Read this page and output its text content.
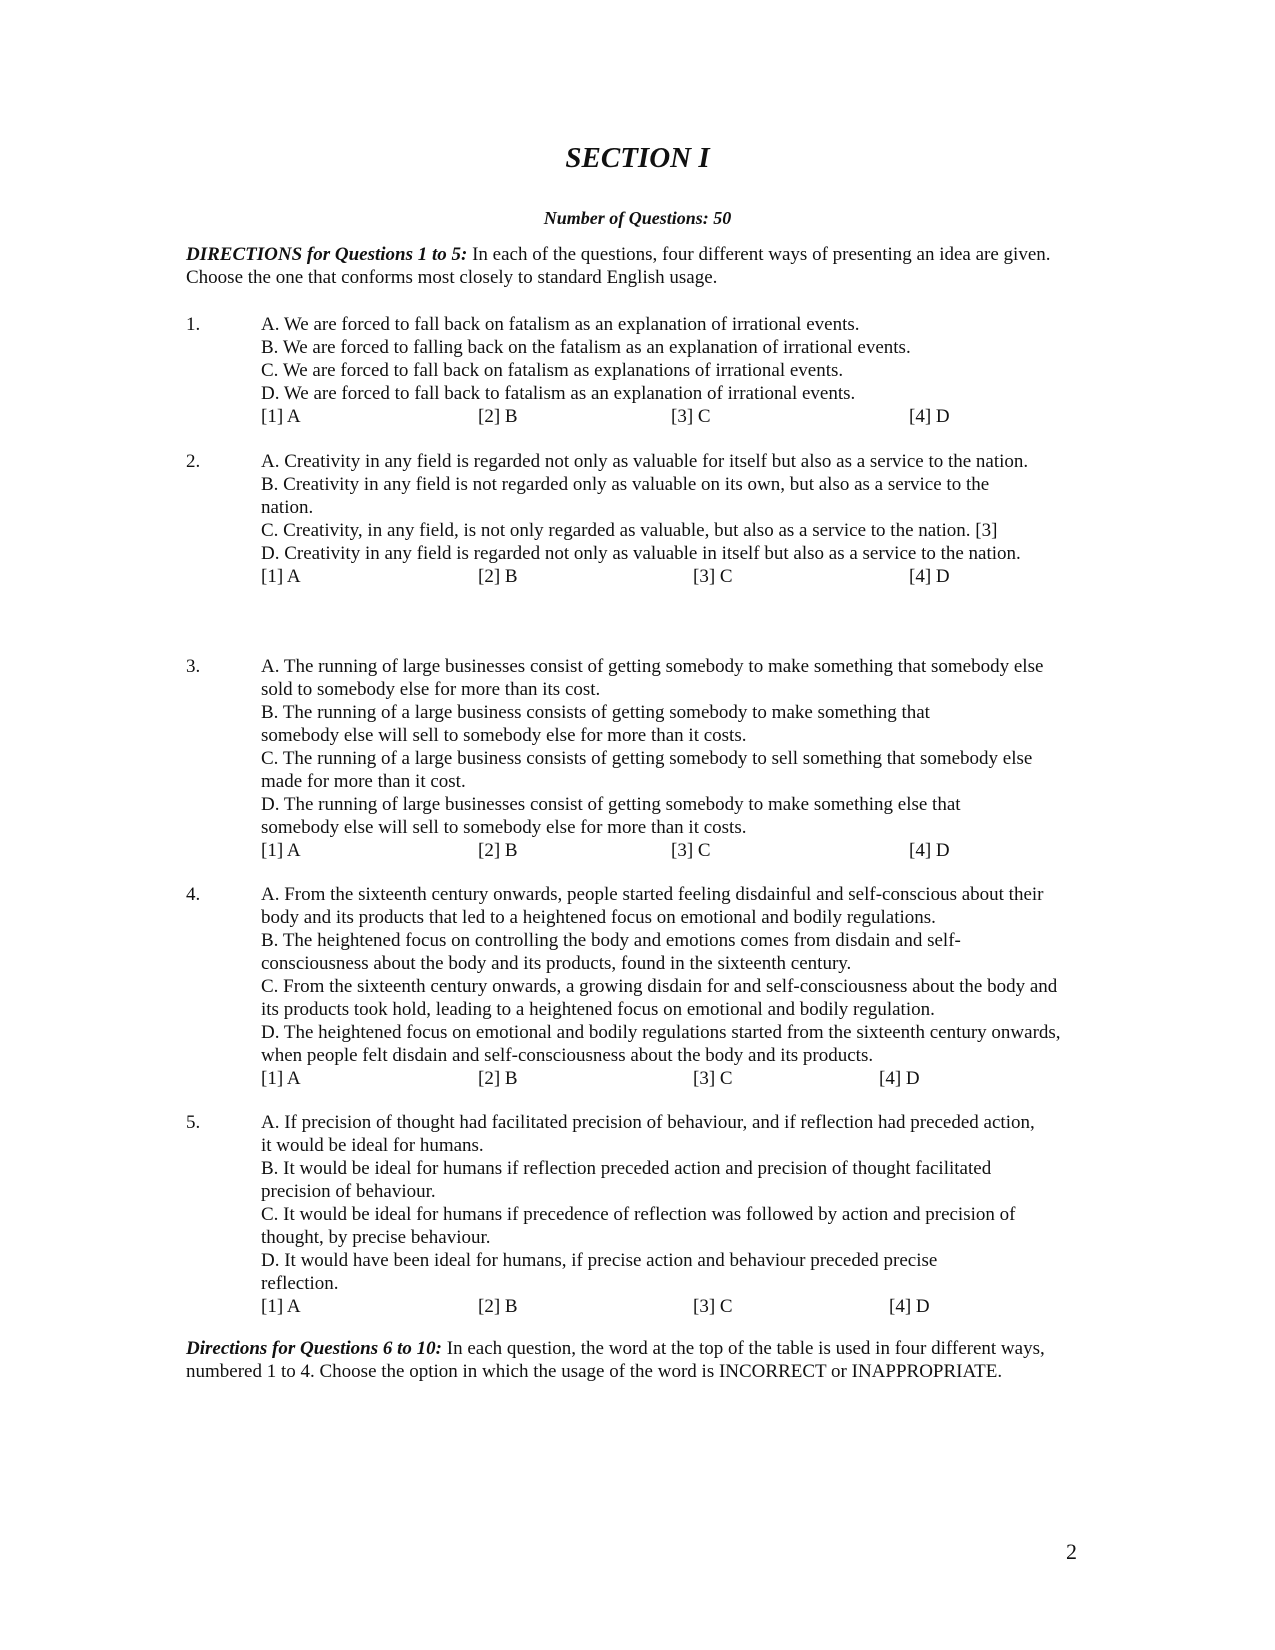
SECTION I
Number of Questions: 50
DIRECTIONS for Questions 1 to 5: In each of the questions, four different ways of presenting an idea are given. Choose the one that conforms most closely to standard English usage.
1.	A. We are forced to fall back on fatalism as an explanation of irrational events.

B. We are forced to falling back on the fatalism as an explanation of irrational events.

C. We are forced to fall back on fatalism as explanations of irrational events.

D. We are forced to fall back to fatalism as an explanation of irrational events.

[1] A	[2] B	[3] C	[4] D
2.	A. Creativity in any field is regarded not only as valuable for itself but also as a service to the nation.

B. Creativity in any field is not regarded only as valuable on its own, but also as a service to the nation.

C. Creativity, in any field, is not only regarded as valuable, but also as a service to the nation. [3]

D. Creativity in any field is regarded not only as valuable in itself but also as a service to the nation.

[1] A	[2] B	[3] C	[4] D
3.	A. The running of large businesses consist of getting somebody to make something that somebody else sold to somebody else for more than its cost.

B. The running of a large business consists of getting somebody to make something that somebody else will sell to somebody else for more than it costs.

C. The running of a large business consists of getting somebody to sell something that somebody else made for more than it cost.

D. The running of large businesses consist of getting somebody to make something else that somebody else will sell to somebody else for more than it costs.

[1] A	[2] B	[3] C	[4] D
4.	A. From the sixteenth century onwards, people started feeling disdainful and self-conscious about their body and its products that led to a heightened focus on emotional and bodily regulations.

B. The heightened focus on controlling the body and emotions comes from disdain and self-consciousness about the body and its products, found in the sixteenth century.

C. From the sixteenth century onwards, a growing disdain for and self-consciousness about the body and its products took hold, leading to a heightened focus on emotional and bodily regulation.

D. The heightened focus on emotional and bodily regulations started from the sixteenth century onwards, when people felt disdain and self-consciousness about the body and its products.

[1] A	[2] B	[3] C	[4] D
5.	A. If precision of thought had facilitated precision of behaviour, and if reflection had preceded action, it would be ideal for humans.

B. It would be ideal for humans if reflection preceded action and precision of thought facilitated precision of behaviour.

C. It would be ideal for humans if precedence of reflection was followed by action and precision of thought, by precise behaviour.

D. It would have been ideal for humans, if precise action and behaviour preceded precise reflection.

[1] A	[2] B	[3] C	[4] D
Directions for Questions 6 to 10: In each question, the word at the top of the table is used in four different ways, numbered 1 to 4. Choose the option in which the usage of the word is INCORRECT or INAPPROPRIATE.
2
